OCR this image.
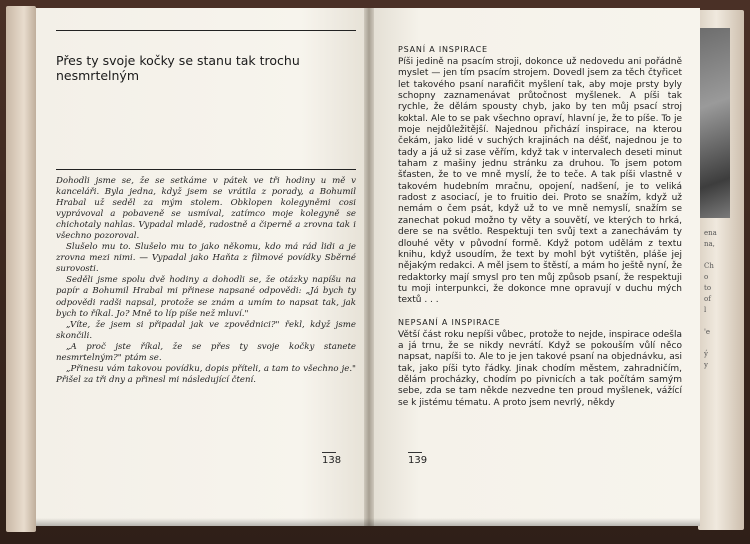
ena
na,

Ch
o
to
of
l

'e

ý
y
Přes ty svoje kočky se stanu tak trochu nesmrtelným

Dohodli jsme se, že se setkáme v pátek ve tři hodiny u mě v kanceláři. Byla jedna, když jsem se vrátila z porady, a Bohumil Hrabal už seděl za mým stolem. Obklopen kolegyněmi cosi vyprávoval a pobaveně se usmíval, zatímco moje kolegyně se chichotaly nahlas. Vypadal mladě, radostně a čiperně a zrovna tak i všechno pozoroval.

Slušelo mu to. Slušelo mu to jako někomu, kdo má rád lidi a je zrovna mezi nimi. — Vypadal jako Haňta z filmové povídky Sběrné surovosti.

Seděli jsme spolu dvě hodiny a dohodli se, že otázky napíšu na papír a Bohumil Hrabal mi přinese napsané odpovědi: „Já bych ty odpovědi radši napsal, protože se znám a umím to napsat tak, jak bych to říkal. Jo? Mně to líp píše než mluví."

„Víte, že jsem si připadal jak ve zpovědnici?" řekl, když jsme skončili.

„A proč jste říkal, že se přes ty svoje kočky stanete nesmrtelným?" ptám se.

„Přinesu vám takovou povídku, dopis příteli, a tam to všechno je." Přišel za tři dny a přinesl mi následující čtení.

138
PSANÍ A INSPIRACE

Píši jedině na psacím stroji, dokonce už nedovedu ani pořádně myslet — jen tím psacím strojem. Dovedl jsem za těch čtyřicet let takového psaní narafičit myšlení tak, aby moje prsty byly schopny zaznamenávat průtočnost myšlenek. A píši tak rychle, že dělám spousty chyb, jako by ten můj psací stroj koktal. Ale to se pak všechno opraví, hlavní je, že to píše. To je moje nejdůležitější. Najednou přichází inspirace, na kterou čekám, jako lidé v suchých krajinách na déšť, najednou je to tady a já už si zase věřím, když tak v intervalech deseti minut taham z mašiny jednu stránku za druhou. To jsem potom šťasten, že to ve mně myslí, že to teče. A tak píši vlastně v takovém hudebním mračnu, opojení, nadšení, je to veliká radost z asociací, je to fruitio dei. Proto se snažím, když už nemám o čem psát, když už to ve mně nemyslí, snažím se zanechat pokud možno ty věty a souvětí, ve kterých to hrká, dere se na světlo. Respektuji ten svůj text a zanechávám ty dlouhé věty v původní formě. Když potom udělám z textu knihu, když usoudím, že text by mohl být vytištěn, pláše jej nějakým redakci. A měl jsem to štěstí, a mám ho ještě nyní, že redaktorky mají smysl pro ten můj způsob psaní, že respektuji tu moji interpunkci, že dokonce mne opravují v duchu mých textů . . .

NEPSANÍ A INSPIRACE

Větší část roku nepíši vůbec, protože to nejde, inspirace odešla a já trnu, že se nikdy nevrátí. Když se pokouším vůlí něco napsat, napíši to. Ale to je jen takové psaní na objednávku, asi tak, jako píši tyto řádky. Jinak chodím městem, zahradničím, dělám procházky, chodím po pivnicích a tak počítám samým sebe, zda se tam někde nezvedne ten proud myšlenek, vážící se k jistému tématu. A proto jsem nevrlý, někdy

139
